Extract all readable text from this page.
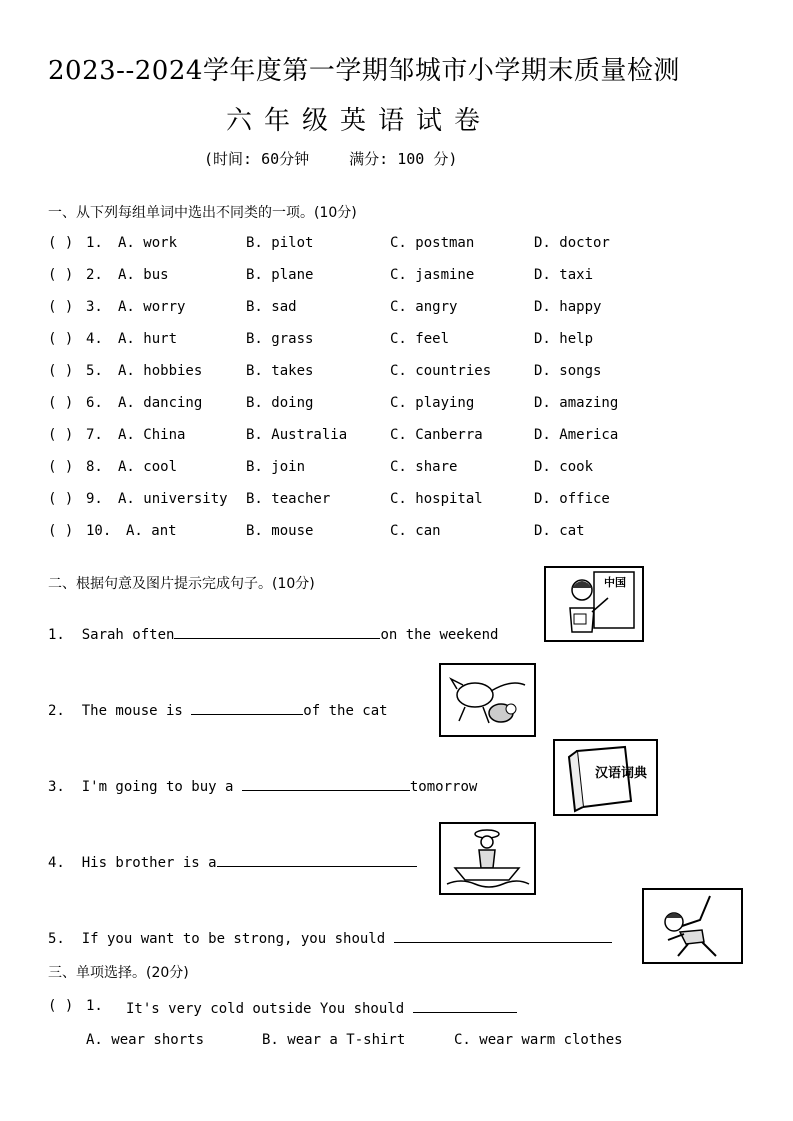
2023--2024学年度第一学期邹城市小学期末质量检测
六年级英语试卷
(时间: 60分钟	满分: 100 分)
一、从下列每组单词中选出不同类的一项。(10分)
( ) 1. A. work	B. pilot	C. postman	D. doctor
( ) 2. A. bus	B. plane	C. jasmine	D. taxi
( ) 3. A. worry	B. sad	C. angry	D. happy
( ) 4. A. hurt	B. grass	C. feel	D. help
( ) 5. A. hobbies	B. takes	C. countries	D. songs
( ) 6. A. dancing	B. doing	C. playing	D. amazing
( ) 7. A. China	B. Australia	C. Canberra	D. America
( ) 8. A. cool	B. join	C. share	D. cook
( ) 9. A. university B. teacher	C. hospital	D. office
( ) 10. A. ant	B. mouse	C. can	D. cat
二、根据句意及图片提示完成句子。(10分)
1. Sarah often	on the weekend
2. The mouse is	of the cat
3. I'm going to buy a	tomorrow
4. His brother is a
5. If you want to be strong, you should
中国
汉语词典
三、单项选择。(20分)
( ) 1. It's very cold outside You should
A. wear shorts	B. wear a T-shirt	C. wear warm clothes
